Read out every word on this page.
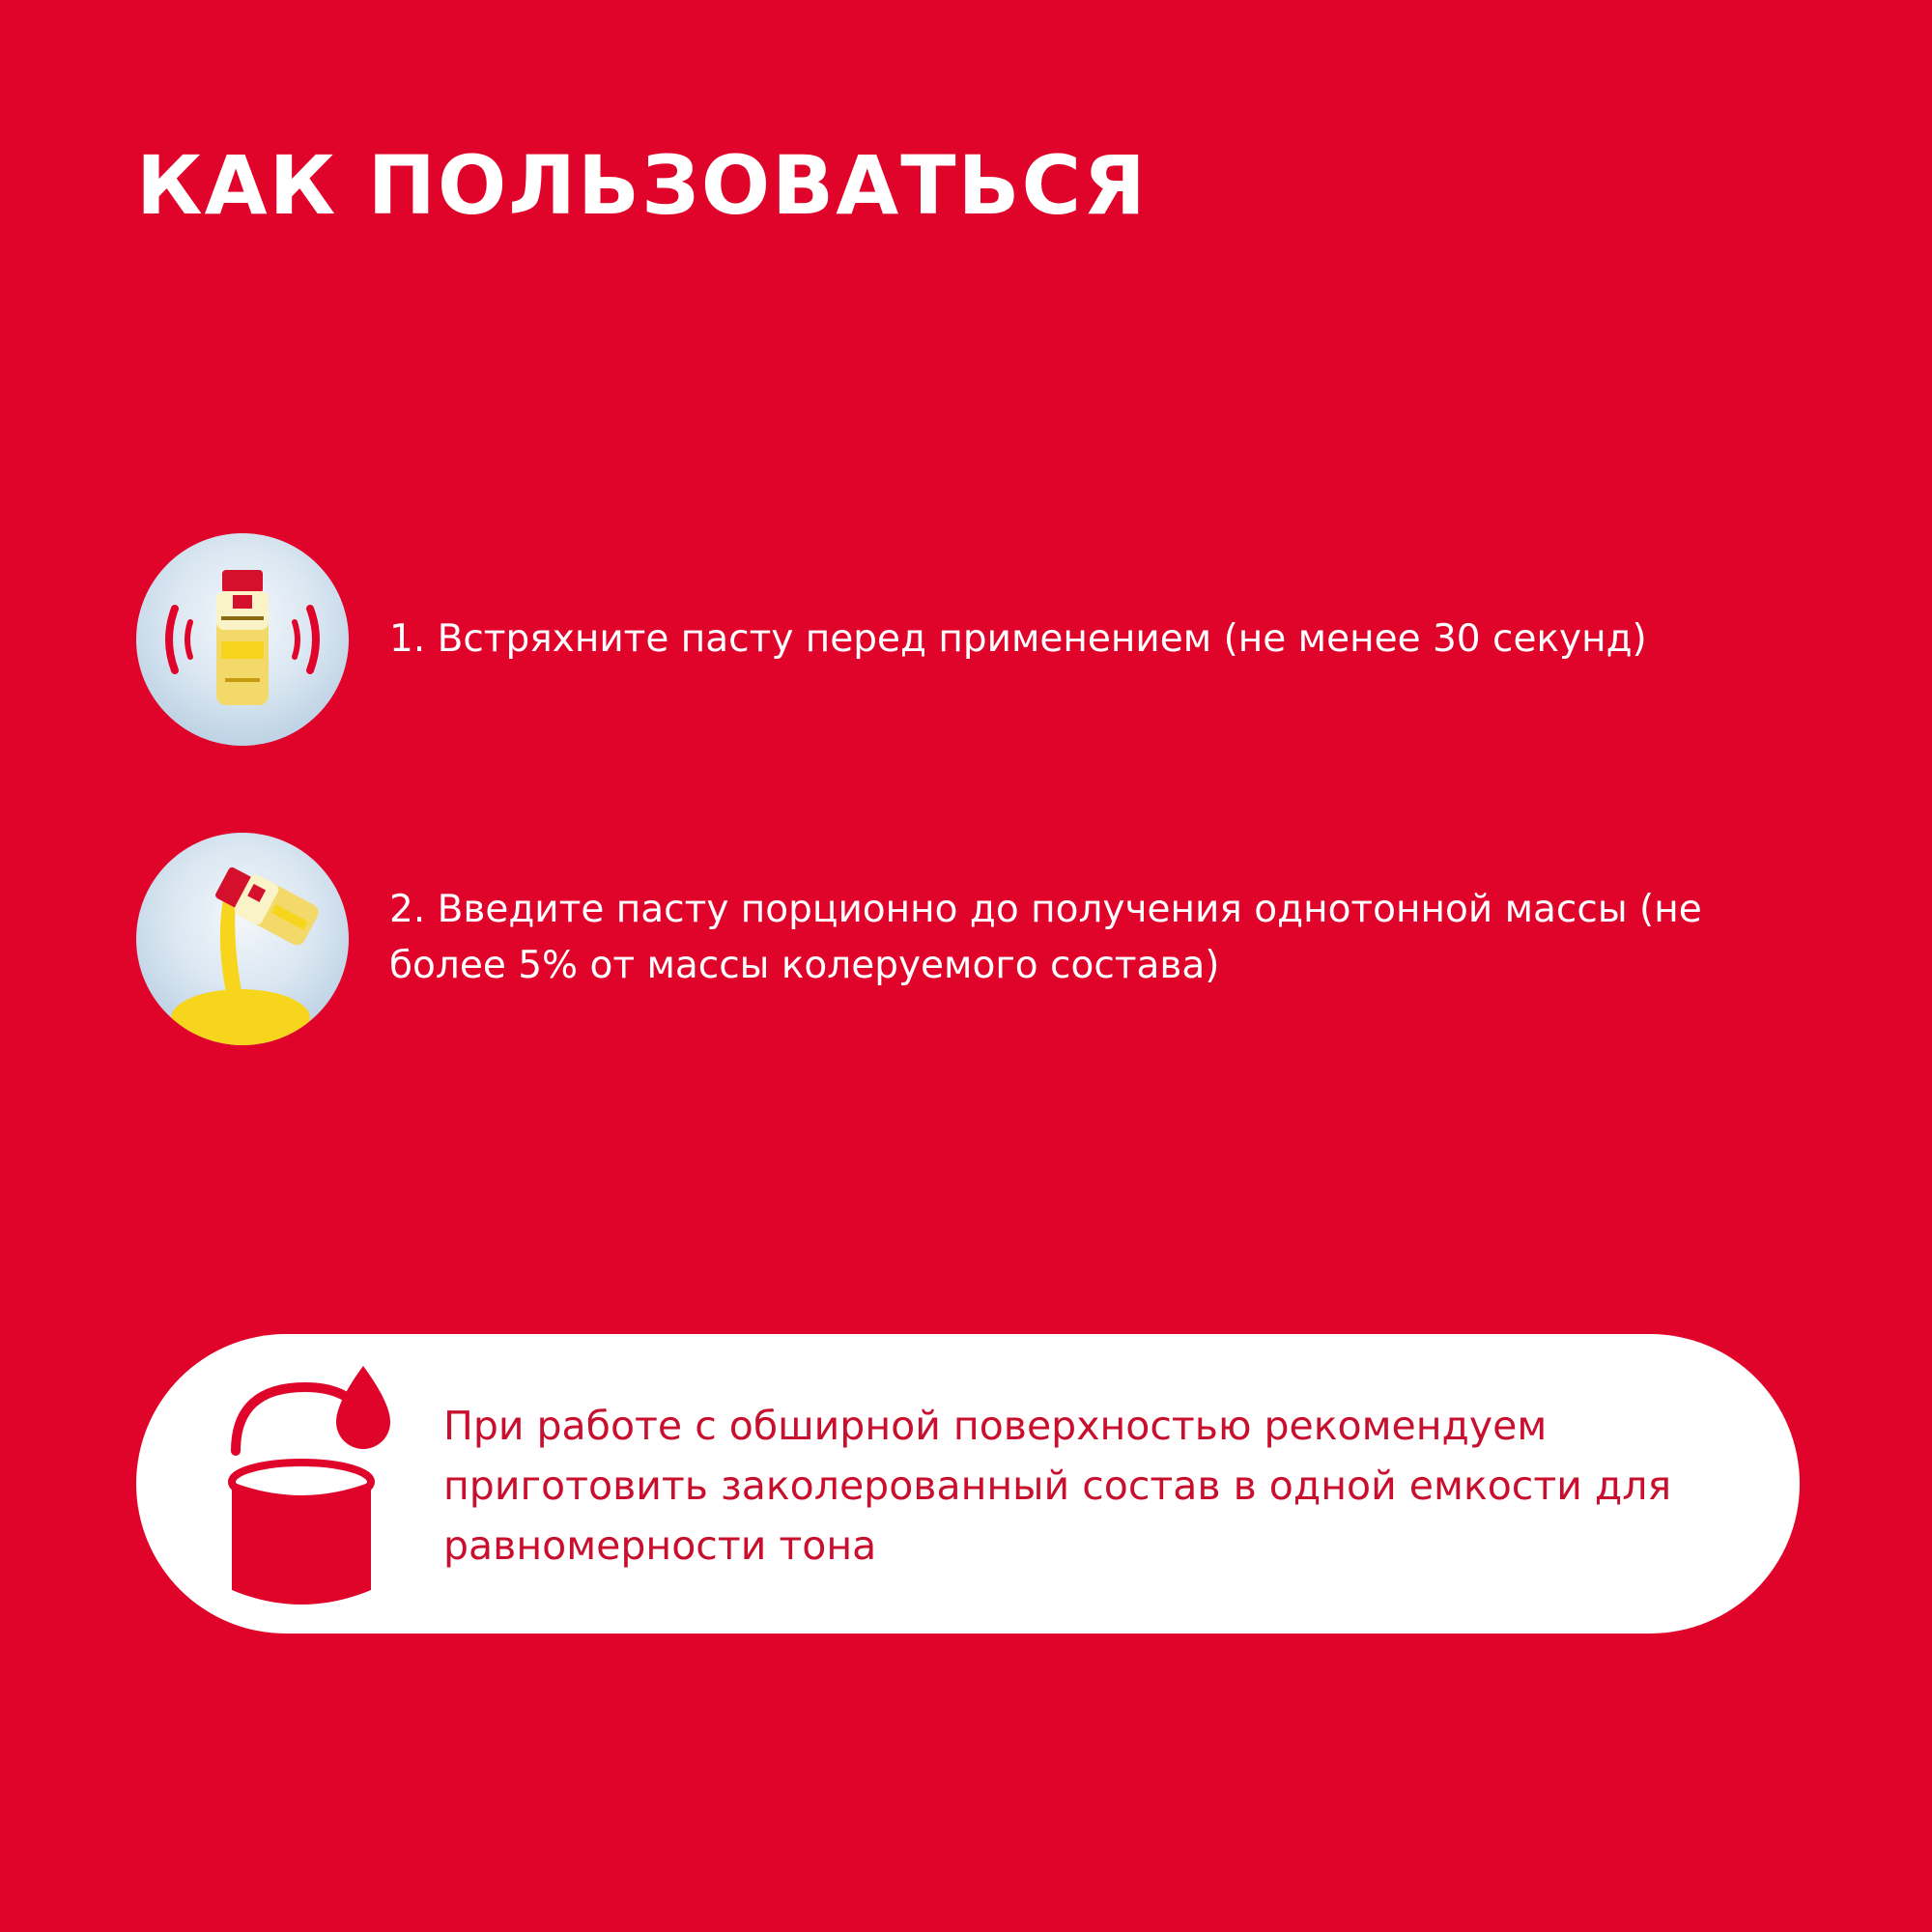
КАК ПОЛЬЗОВАТЬСЯ

1. Встряхните пасту перед применением (не менее 30 секунд)

2. Введите пасту порционно до получения однотонной массы (не более 5% от массы колеруемого состава)

При работе с обширной поверхностью рекомендуем приготовить заколерованный состав в одной емкости для равномерности тона
